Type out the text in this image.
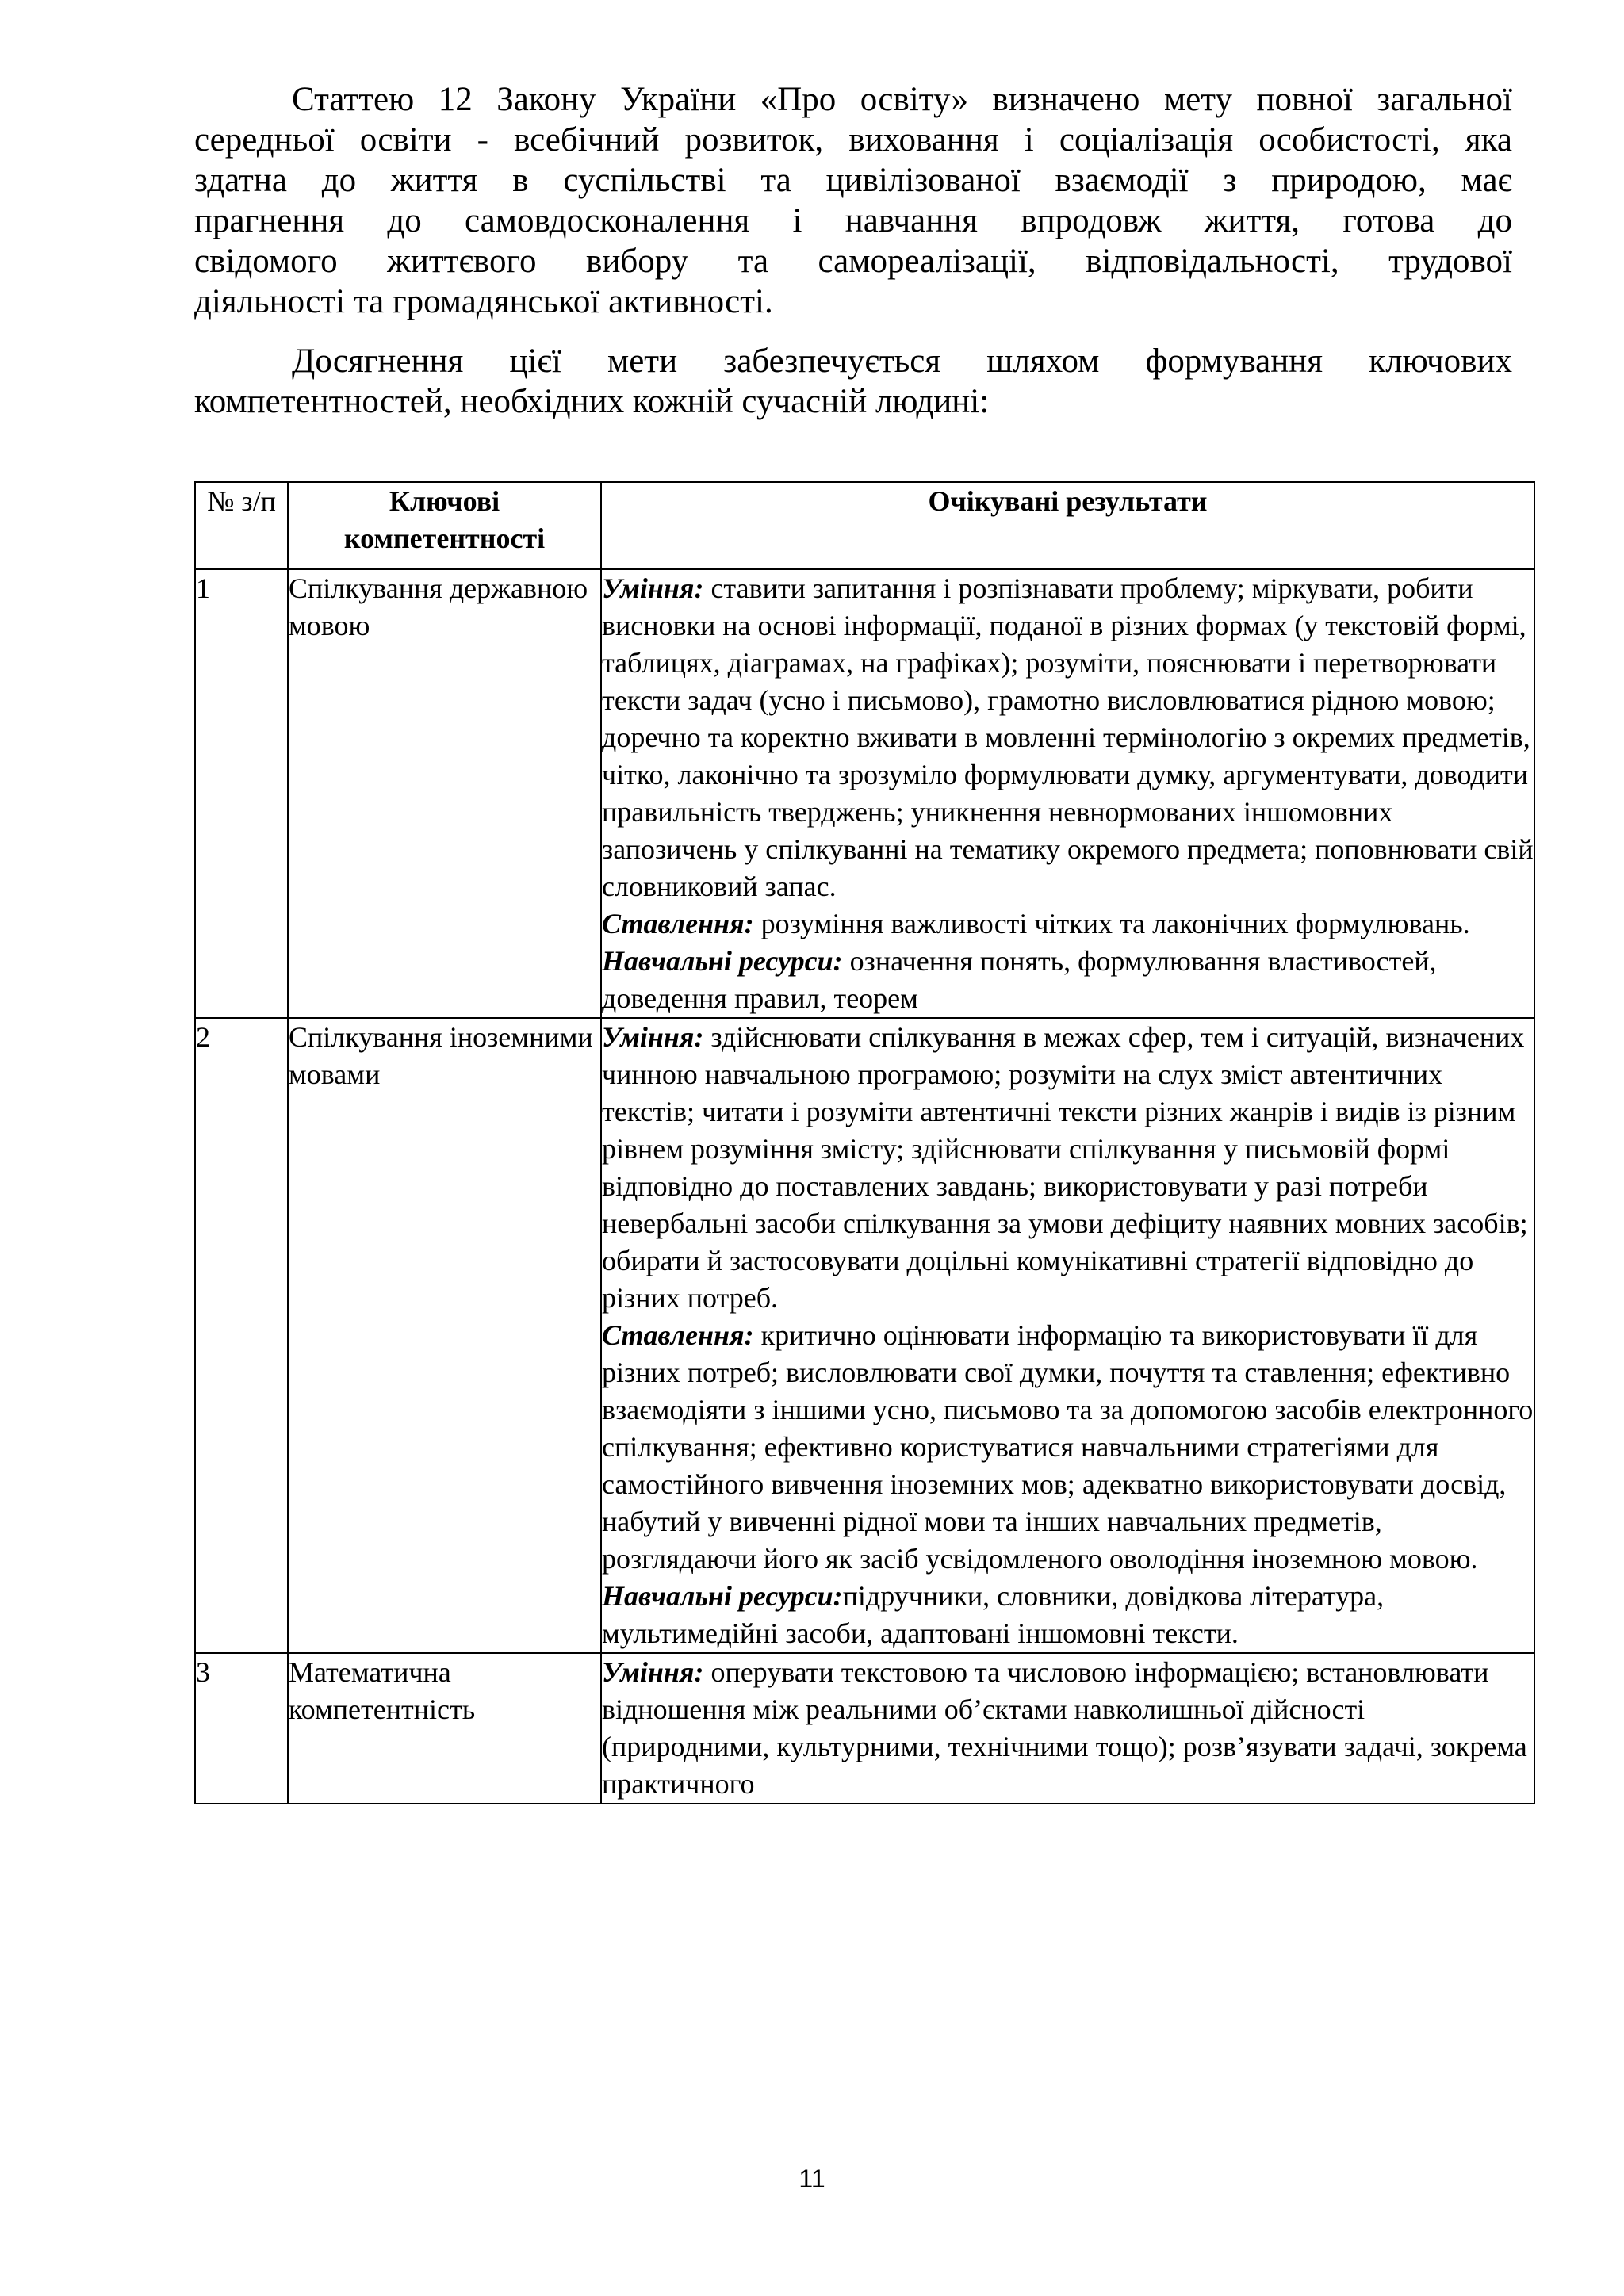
Статтею 12 Закону України «Про освіту» визначено мету повної загальної
середньої освіти - всебічний розвиток, виховання і соціалізація особистості, яка
здатна до життя в суспільстві та цивілізованої взаємодії з природою, має
прагнення до самовдосконалення і навчання впродовж життя, готова до
свідомого життєвого вибору та самореалізації, відповідальності, трудової
діяльності та громадянської активності.
Досягнення цієї мети забезпечується шляхом формування ключових
компетентностей, необхідних кожній сучасній людині:
№ з/п	Ключові компетентності	Очікувані результати
1	Спілкування державною мовою	Уміння: ставити запитання і розпізнавати проблему; міркувати, робити висновки на основі інформації, поданої в різних формах (у текстовій формі, таблицях, діаграмах, на графіках); розуміти, пояснювати і перетворювати тексти задач (усно і письмово), грамотно висловлюватися рідною мовою; доречно та коректно вживати в мовленні термінологію з окремих предметів, чітко, лаконічно та зрозуміло формулювати думку, аргументувати, доводити правильність тверджень; уникнення невнормованих іншомовних запозичень у спілкуванні на тематику окремого предмета; поповнювати свій словниковий запас.
Ставлення: розуміння важливості чітких та лаконічних формулювань.
Навчальні ресурси: означення понять, формулювання властивостей, доведення правил, теорем
2	Спілкування іноземними мовами	Уміння: здійснювати спілкування в межах сфер, тем і ситуацій, визначених чинною навчальною програмою; розуміти на слух зміст автентичних текстів; читати і розуміти автентичні тексти різних жанрів і видів із різним рівнем розуміння змісту; здійснювати спілкування у письмовій формі відповідно до поставлених завдань; використовувати у разі потреби невербальні засоби спілкування за умови дефіциту наявних мовних засобів; обирати й застосовувати доцільні комунікативні стратегії відповідно до різних потреб.
Ставлення: критично оцінювати інформацію та використовувати її для різних потреб; висловлювати свої думки, почуття та ставлення; ефективно взаємодіяти з іншими усно, письмово та за допомогою засобів електронного спілкування; ефективно користуватися навчальними стратегіями для самостійного вивчення іноземних мов; адекватно використовувати досвід, набутий у вивченні рідної мови та інших навчальних предметів, розглядаючи його як засіб усвідомленого оволодіння іноземною мовою.
Навчальні ресурси:підручники, словники, довідкова література, мультимедійні засоби, адаптовані іншомовні тексти.
3	Математична компетентність	Уміння: оперувати текстовою та числовою інформацією; встановлювати відношення між реальними об’єктами навколишньої дійсності (природними, культурними, технічними тощо); розв’язувати задачі, зокрема практичного
11
